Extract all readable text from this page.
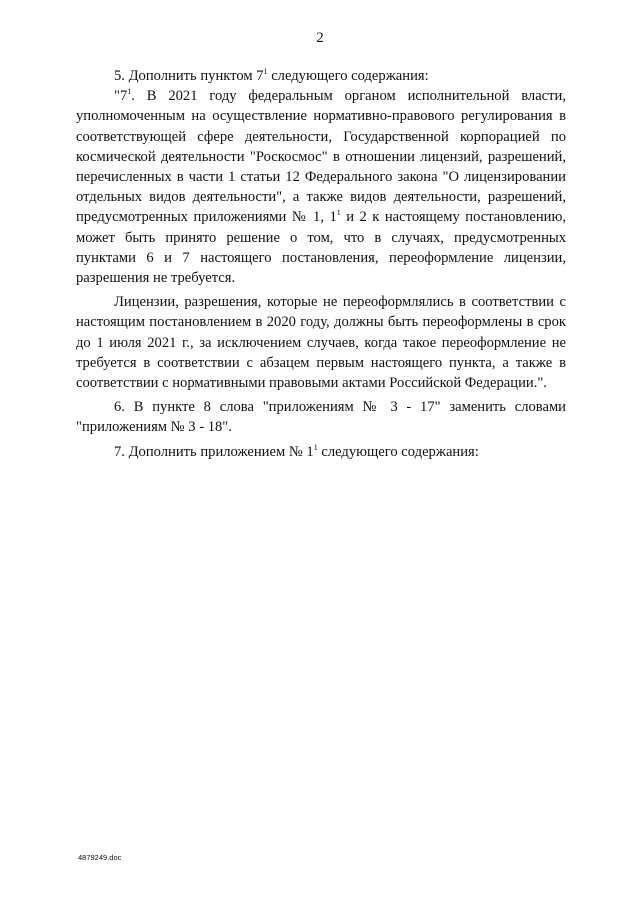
2

5. Дополнить пунктом $7^1$ следующего содержания:

"$7^1$. В 2021 году федеральным органом исполнительной власти, уполномоченным на осуществление нормативно-правового регулирования в соответствующей сфере деятельности, Государственной корпорацией по космической деятельности "Роскосмос" в отношении лицензий, разрешений, перечисленных в части 1 статьи 12 Федерального закона "О лицензировании отдельных видов деятельности", а также видов деятельности, разрешений, предусмотренных приложениями № 1, $1^1$ и 2 к настоящему постановлению, может быть принято решение о том, что в случаях, предусмотренных пунктами 6 и 7 настоящего постановления, переоформление лицензии, разрешения не требуется.

Лицензии, разрешения, которые не переоформлялись в соответствии с настоящим постановлением в 2020 году, должны быть переоформлены в срок до 1 июля 2021 г., за исключением случаев, когда такое переоформление не требуется в соответствии с абзацем первым настоящего пункта, а также в соответствии с нормативными правовыми актами Российской Федерации.".

6. В пункте 8 слова "приложениям № 3 - 17" заменить словами "приложениям № 3 - 18".

7. Дополнить приложением № $1^1$ следующего содержания:

4879249.doc
